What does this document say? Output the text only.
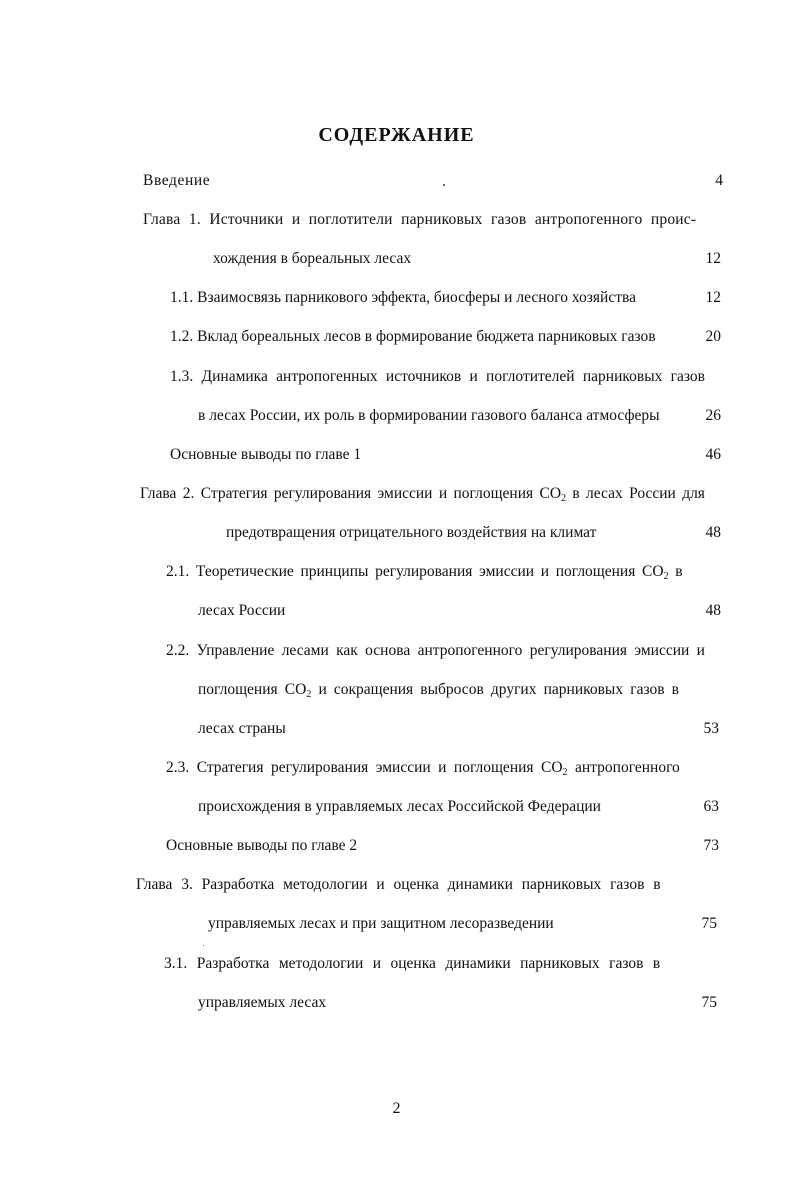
СОДЕРЖАНИЕ
Введение	4
Глава 1. Источники и поглотители парниковых газов антропогенного проис-
хождения в бореальных лесах	12
1.1. Взаимосвязь парникового эффекта, биосферы и лесного хозяйства	12
1.2. Вклад бореальных лесов в формирование бюджета парниковых газов	20
1.3. Динамика антропогенных источников и поглотителей парниковых газов
в лесах России, их роль в формировании газового баланса атмосферы	26
Основные выводы по главе 1	46
Глава 2. Стратегия регулирования эмиссии и поглощения $CO_2$ в лесах России для
предотвращения отрицательного воздействия на климат	48
2.1. Теоретические принципы регулирования эмиссии и поглощения $CO_2$ в
лесах России	48
2.2. Управление лесами как основа антропогенного регулирования эмиссии и
поглощения $CO_2$ и сокращения выбросов других парниковых газов в
лесах страны	53
2.3. Стратегия регулирования эмиссии и поглощения $CO_2$ антропогенного
происхождения в управляемых лесах Российской Федерации	63
Основные выводы по главе 2	73
Глава 3. Разработка методологии и оценка динамики парниковых газов в
управляемых лесах и при защитном лесоразведении	75
3.1. Разработка методологии и оценка динамики парниковых газов в
управляемых лесах	75
2
